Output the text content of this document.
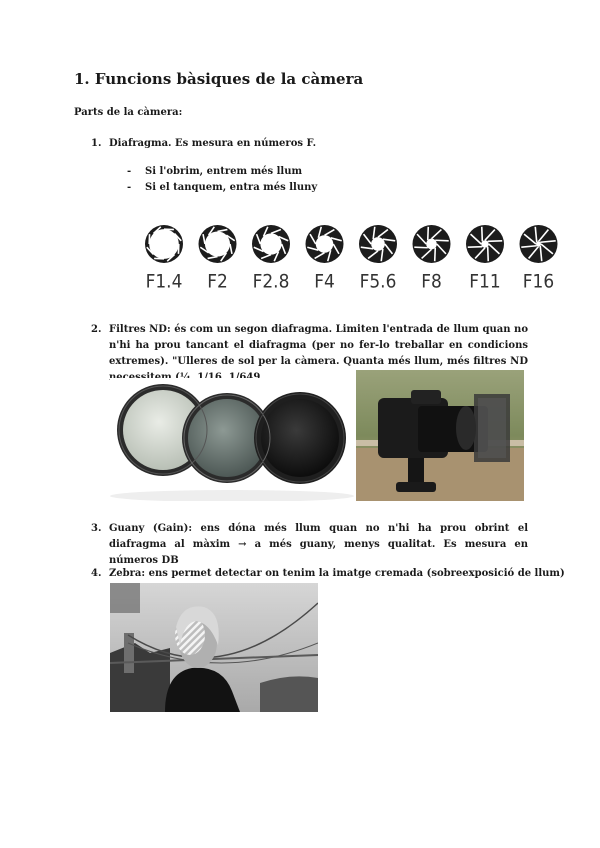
1. Funcions bàsiques de la càmera
Parts de la càmera:
1. Diafragma. Es mesura en números F.
- Si l'obrim, entrem més llum
- Si el tanquem, entra més lluny
F1.4	F2	F2.8	F4	F5.6	F8	F11	F16
2. Filtres ND: és com un segon diafragma. Limiten l'entrada de llum quan no n'hi ha prou tancant el diafragma (per no fer-lo treballar en condicions extremes). "Ulleres de sol per la càmera. Quanta més llum, més filtres ND
3. Guany (Gain): ens dóna més llum quan no n'hi ha prou obrint el diafragma al màxim → a més guany, menys qualitat. Es mesura en números DB
4. Zebra: ens permet detectar on tenim la imatge cremada (sobreexposició de llum)
